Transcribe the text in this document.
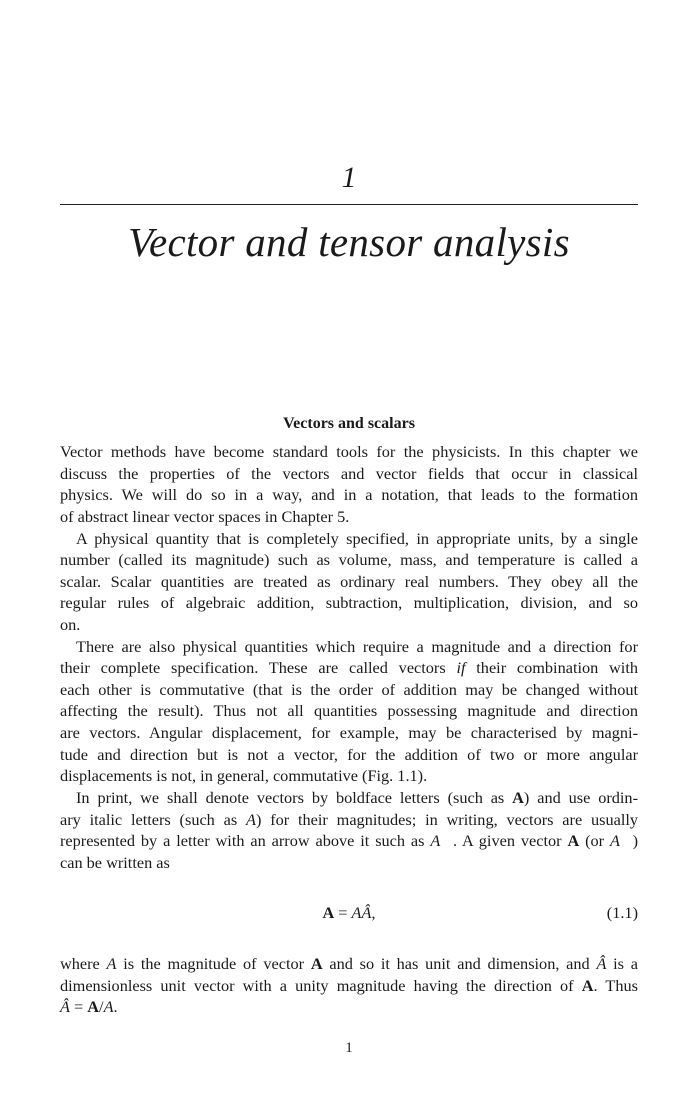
1
Vector and tensor analysis
Vectors and scalars
Vector methods have become standard tools for the physicists. In this chapter we
discuss the properties of the vectors and vector fields that occur in classical
physics. We will do so in a way, and in a notation, that leads to the formation
of abstract linear vector spaces in Chapter 5.
A physical quantity that is completely specified, in appropriate units, by a single
number (called its magnitude) such as volume, mass, and temperature is called a
scalar. Scalar quantities are treated as ordinary real numbers. They obey all the
regular rules of algebraic addition, subtraction, multiplication, division, and so
on.
There are also physical quantities which require a magnitude and a direction for
their complete specification. These are called vectors if their combination with
each other is commutative (that is the order of addition may be changed without
affecting the result). Thus not all quantities possessing magnitude and direction
are vectors. Angular displacement, for example, may be characterised by magni-
tude and direction but is not a vector, for the addition of two or more angular
displacements is not, in general, commutative (Fig. 1.1).
In print, we shall denote vectors by boldface letters (such as A) and use ordin-
ary italic letters (such as A) for their magnitudes; in writing, vectors are usually
represented by a letter with an arrow above it such as A⃗. A given vector A (or A⃗)
can be written as
where A is the magnitude of vector A and so it has unit and dimension, and Â is a
dimensionless unit vector with a unity magnitude having the direction of A. Thus
Â = A/A.
A = AÂ,	(1.1)
1
